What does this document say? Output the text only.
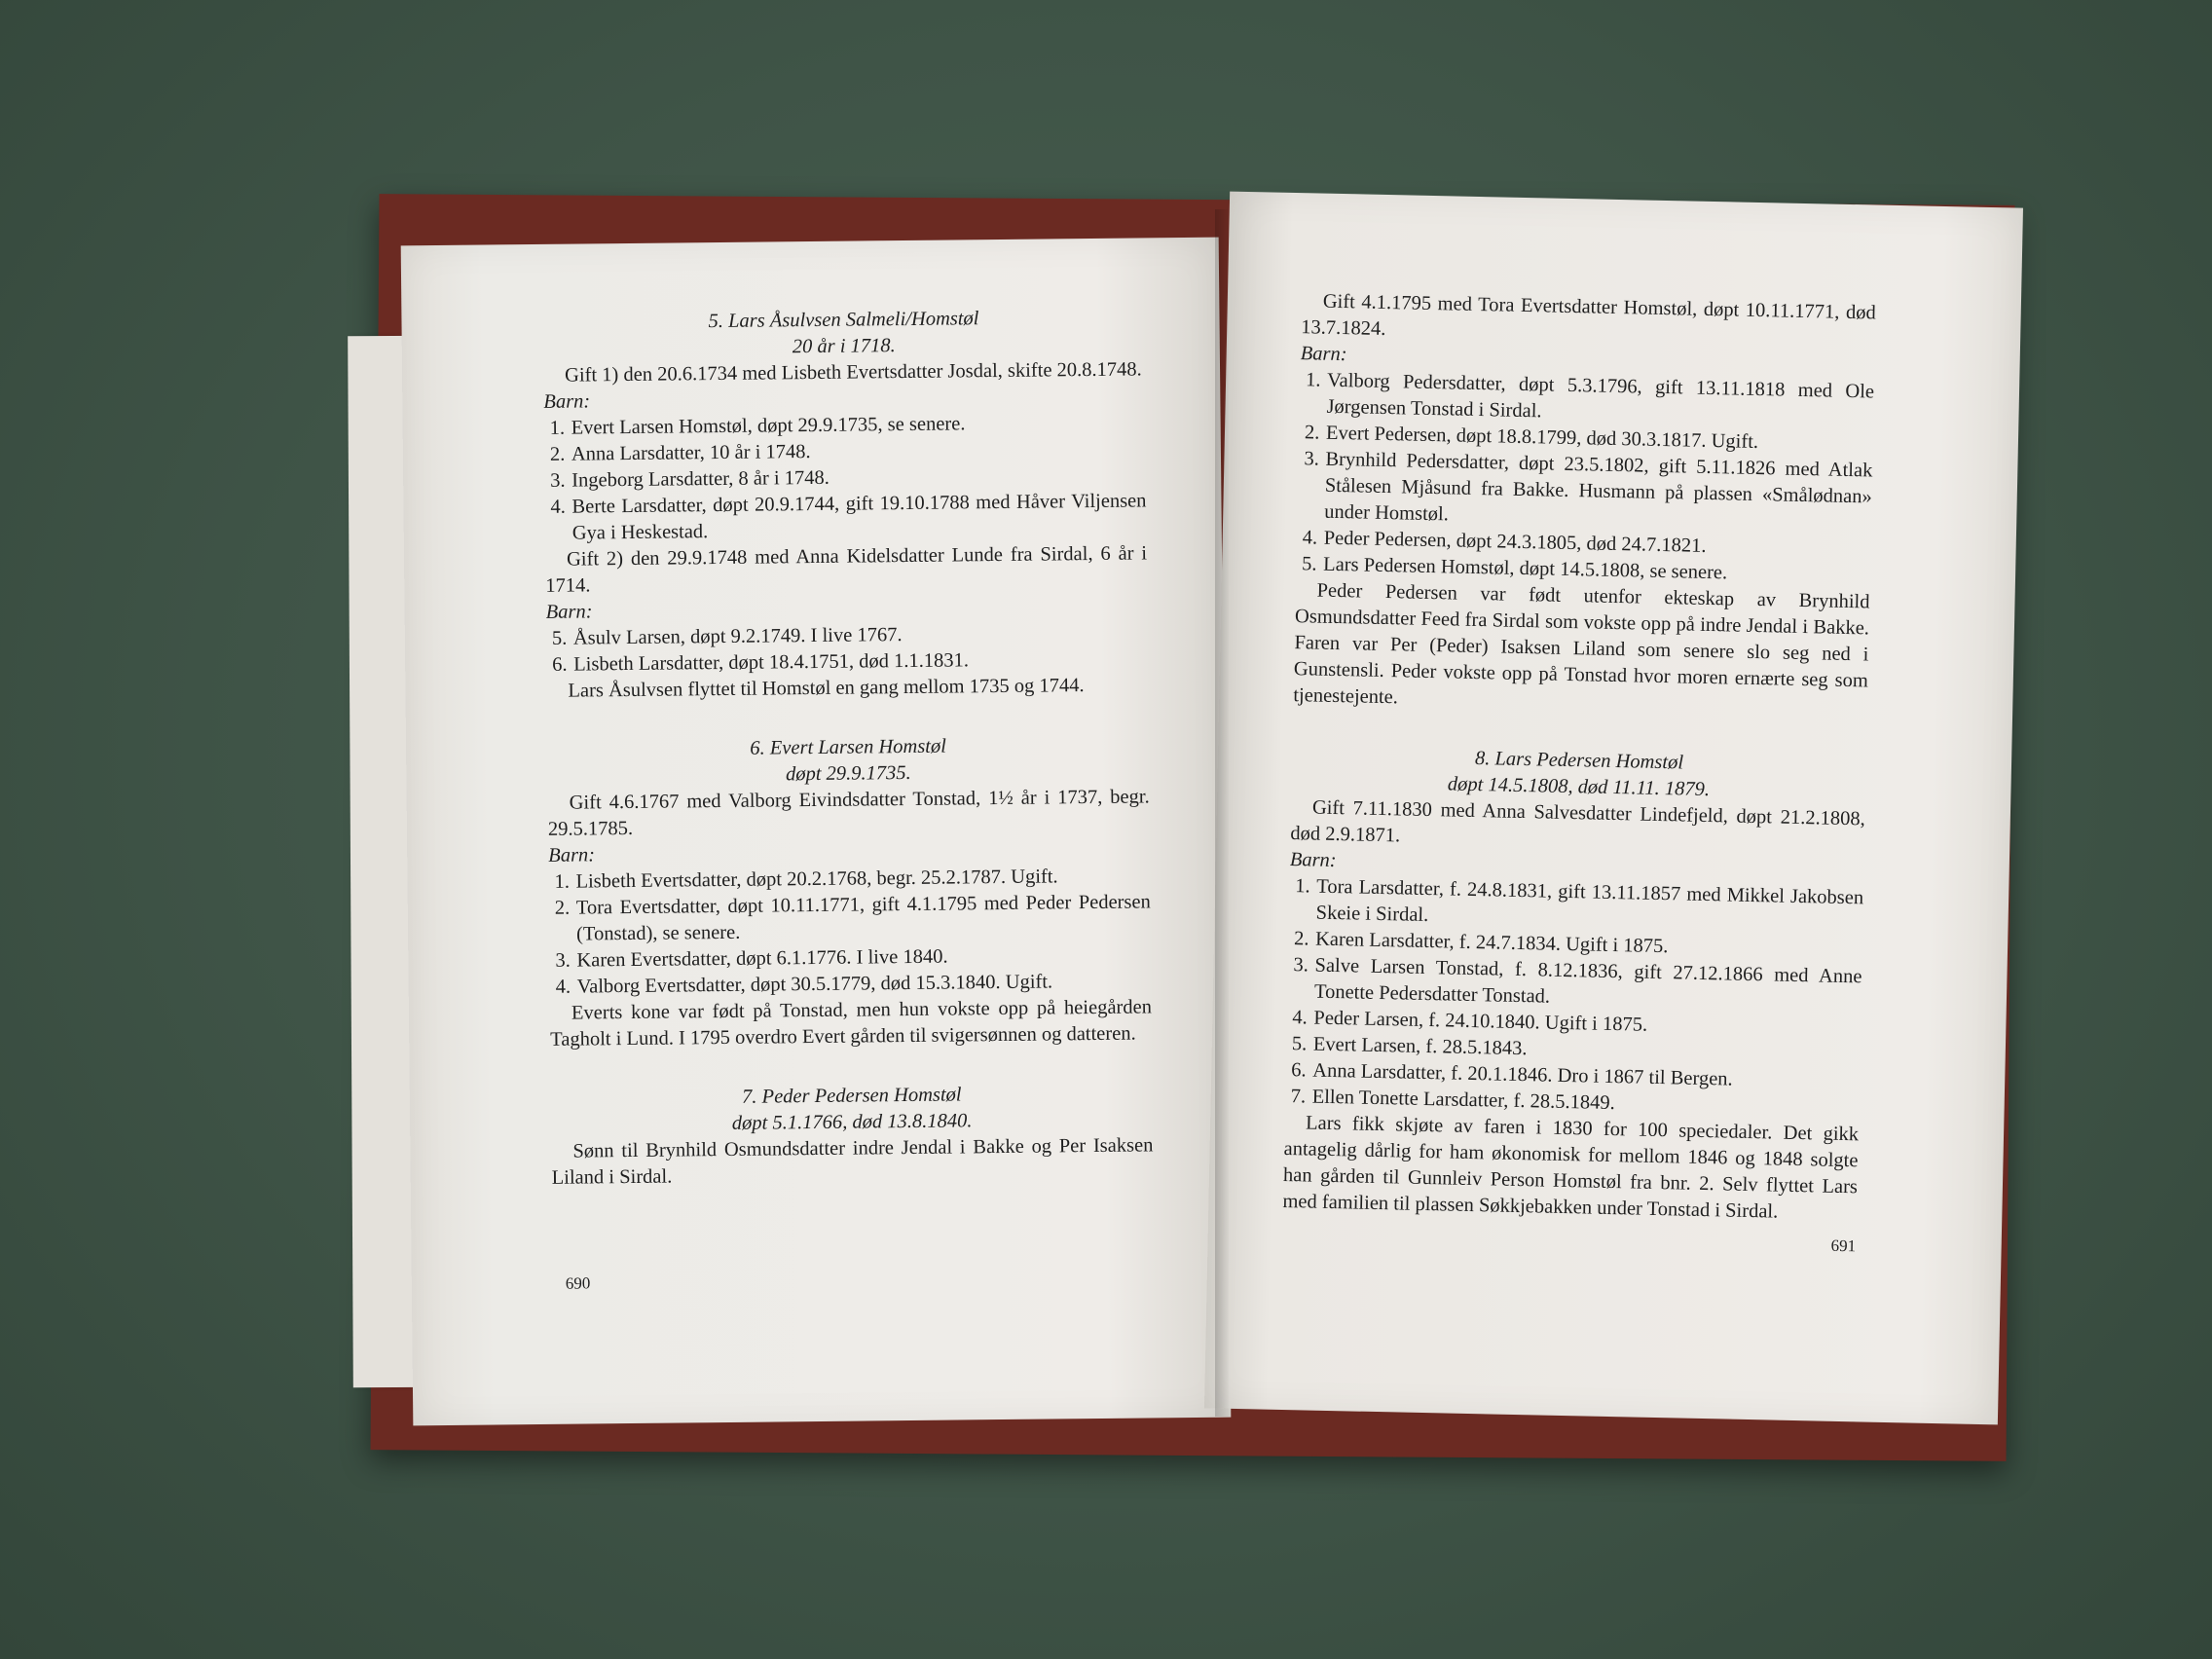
5. Lars Åsulvsen Salmeli/Homstøl

20 år i 1718.

Gift 1) den 20.6.1734 med Lisbeth Evertsdatter Josdal, skifte 20.8.1748.

Barn:

1. Evert Larsen Homstøl, døpt 29.9.1735, se senere.
2. Anna Larsdatter, 10 år i 1748.
3. Ingeborg Larsdatter, 8 år i 1748.
4. Berte Larsdatter, døpt 20.9.1744, gift 19.10.1788 med Håver Viljensen Gya i Heskestad.

Gift 2) den 29.9.1748 med Anna Kidelsdatter Lunde fra Sirdal, 6 år i 1714.

Barn:

5. Åsulv Larsen, døpt 9.2.1749. I live 1767.
6. Lisbeth Larsdatter, døpt 18.4.1751, død 1.1.1831.

Lars Åsulvsen flyttet til Homstøl en gang mellom 1735 og 1744.

6. Evert Larsen Homstøl

døpt 29.9.1735.

Gift 4.6.1767 med Valborg Eivindsdatter Tonstad, 1½ år i 1737, begr. 29.5.1785.

Barn:

1. Lisbeth Evertsdatter, døpt 20.2.1768, begr. 25.2.1787. Ugift.
2. Tora Evertsdatter, døpt 10.11.1771, gift 4.1.1795 med Peder Pedersen (Tonstad), se senere.
3. Karen Evertsdatter, døpt 6.1.1776. I live 1840.
4. Valborg Evertsdatter, døpt 30.5.1779, død 15.3.1840. Ugift.

Everts kone var født på Tonstad, men hun vokste opp på heiegården Tagholt i Lund. I 1795 overdro Evert gården til svigersønnen og datteren.

7. Peder Pedersen Homstøl

døpt 5.1.1766, død 13.8.1840.

Sønn til Brynhild Osmundsdatter indre Jendal i Bakke og Per Isaksen Liland i Sirdal.

690

Gift 4.1.1795 med Tora Evertsdatter Homstøl, døpt 10.11.1771, død 13.7.1824.

Barn:

1. Valborg Pedersdatter, døpt 5.3.1796, gift 13.11.1818 med Ole Jørgensen Tonstad i Sirdal.
2. Evert Pedersen, døpt 18.8.1799, død 30.3.1817. Ugift.
3. Brynhild Pedersdatter, døpt 23.5.1802, gift 5.11.1826 med Atlak Stålesen Mjåsund fra Bakke. Husmann på plassen «Smålødnan» under Homstøl.
4. Peder Pedersen, døpt 24.3.1805, død 24.7.1821.
5. Lars Pedersen Homstøl, døpt 14.5.1808, se senere.

Peder Pedersen var født utenfor ekteskap av Brynhild Osmundsdatter Feed fra Sirdal som vokste opp på indre Jendal i Bakke. Faren var Per (Peder) Isaksen Liland som senere slo seg ned i Gunstensli. Peder vokste opp på Tonstad hvor moren ernærte seg som tjenestejente.

8. Lars Pedersen Homstøl

døpt 14.5.1808, død 11.11. 1879.

Gift 7.11.1830 med Anna Salvesdatter Lindefjeld, døpt 21.2.1808, død 2.9.1871.

Barn:

1. Tora Larsdatter, f. 24.8.1831, gift 13.11.1857 med Mikkel Jakobsen Skeie i Sirdal.
2. Karen Larsdatter, f. 24.7.1834. Ugift i 1875.
3. Salve Larsen Tonstad, f. 8.12.1836, gift 27.12.1866 med Anne Tonette Pedersdatter Tonstad.
4. Peder Larsen, f. 24.10.1840. Ugift i 1875.
5. Evert Larsen, f. 28.5.1843.
6. Anna Larsdatter, f. 20.1.1846. Dro i 1867 til Bergen.
7. Ellen Tonette Larsdatter, f. 28.5.1849.

Lars fikk skjøte av faren i 1830 for 100 speciedaler. Det gikk antagelig dårlig for ham økonomisk for mellom 1846 og 1848 solgte han gården til Gunnleiv Person Homstøl fra bnr. 2. Selv flyttet Lars med familien til plassen Søkkjebakken under Tonstad i Sirdal.

691
